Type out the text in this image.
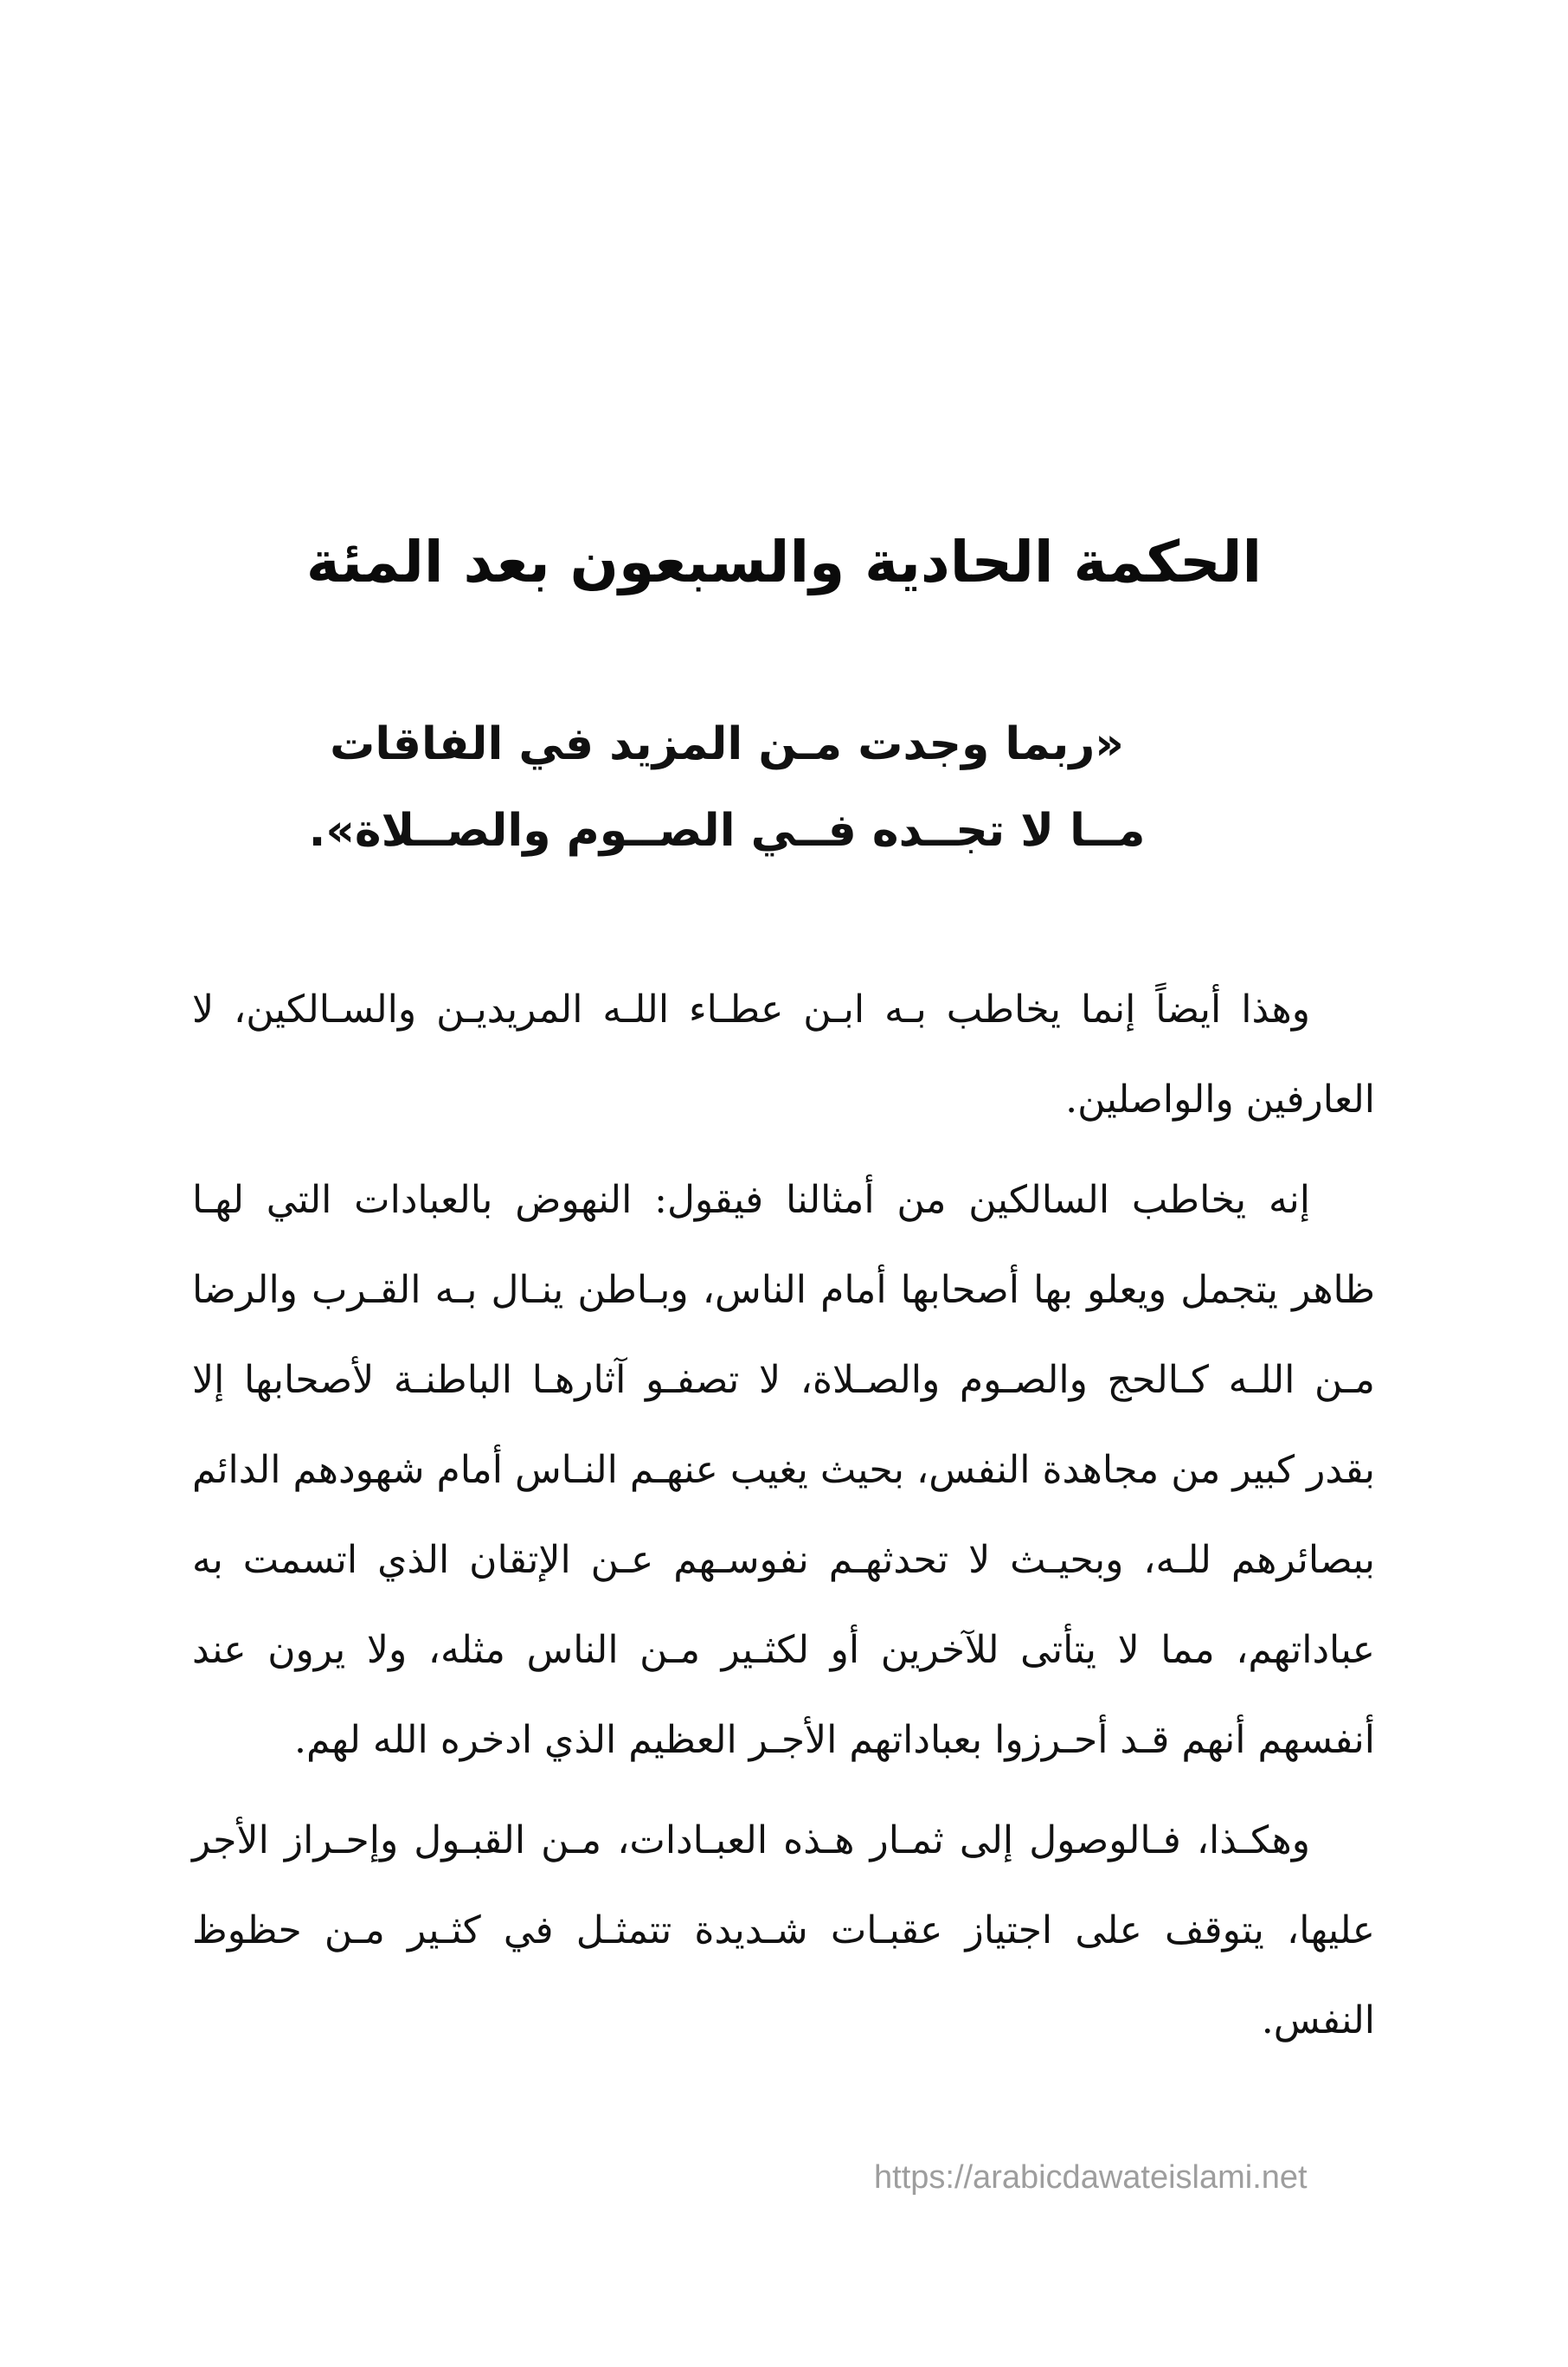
الحكمة الحادية والسبعون بعد المئة
«ربما وجدت مـن المزيد في الفاقات
مــا لا تجــده فــي الصــوم والصــلاة».

وهذا أيضاً إنما يخاطب بـه ابـن عطـاء اللـه المريديـن والسـالكين، لا العارفين والواصلين.

إنه يخاطب السالكين من أمثالنا فيقول: النهوض بالعبادات التي لهـا ظاهر يتجمل ويعلو بها أصحابها أمام الناس، وبـاطن ينـال بـه القـرب والرضا مـن اللـه كـالحج والصـوم والصـلاة، لا تصفـو آثارهـا الباطنـة لأصحابها إلا بقدر كبير من مجاهدة النفس، بحيث يغيب عنهـم النـاس أمام شهودهم الدائم ببصائرهم للـه، وبحيـث لا تحدثهـم نفوسـهم عـن الإتقان الذي اتسمت به عباداتهم، مما لا يتأتى للآخرين أو لكثـير مـن الناس مثله، ولا يرون عند أنفسهم أنهم قـد أحـرزوا بعباداتهم الأجـر العظيم الذي ادخره الله لهم.

وهكـذا، فـالوصول إلى ثمـار هـذه العبـادات، مـن القبـول وإحـراز الأجر عليها، يتوقف على اجتياز عقبـات شـديدة تتمثـل في كثـير مـن حظوظ النفس.

https://arabicdawateislami.net
